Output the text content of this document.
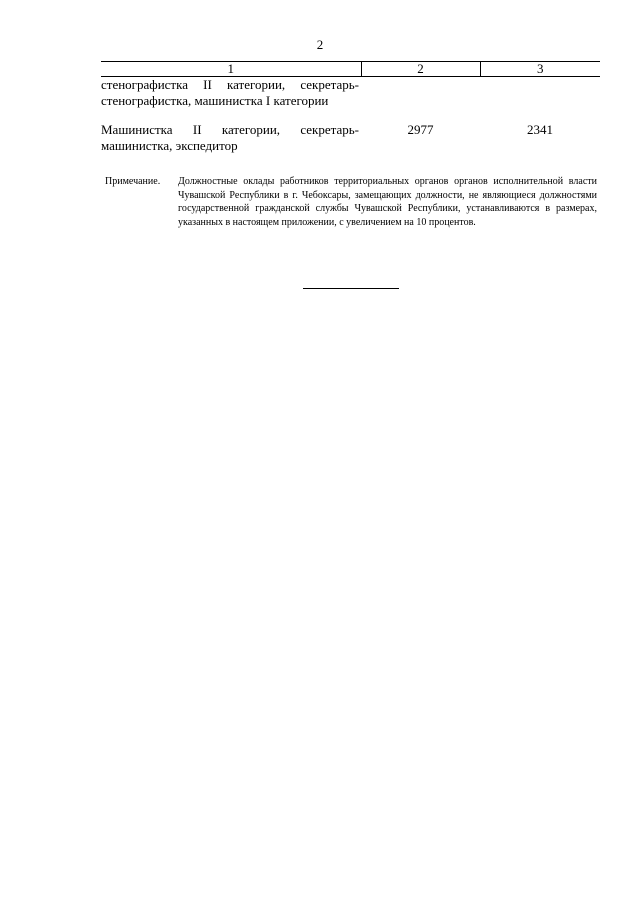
2
1	2	3
стенографистка II категории, секретарь-стенографистка, машинистка I категории		
Машинистка II категории, секретарь-машинистка, экспедитор	2977	2341
Примечание. Должностные оклады работников территориальных органов органов исполнительной власти Чувашской Республики в г. Чебоксары, замещающих должности, не являющиеся должностями государственной гражданской службы Чувашской Республики, устанавливаются в размерах, указанных в настоящем приложении, с увеличением на 10 процентов.
